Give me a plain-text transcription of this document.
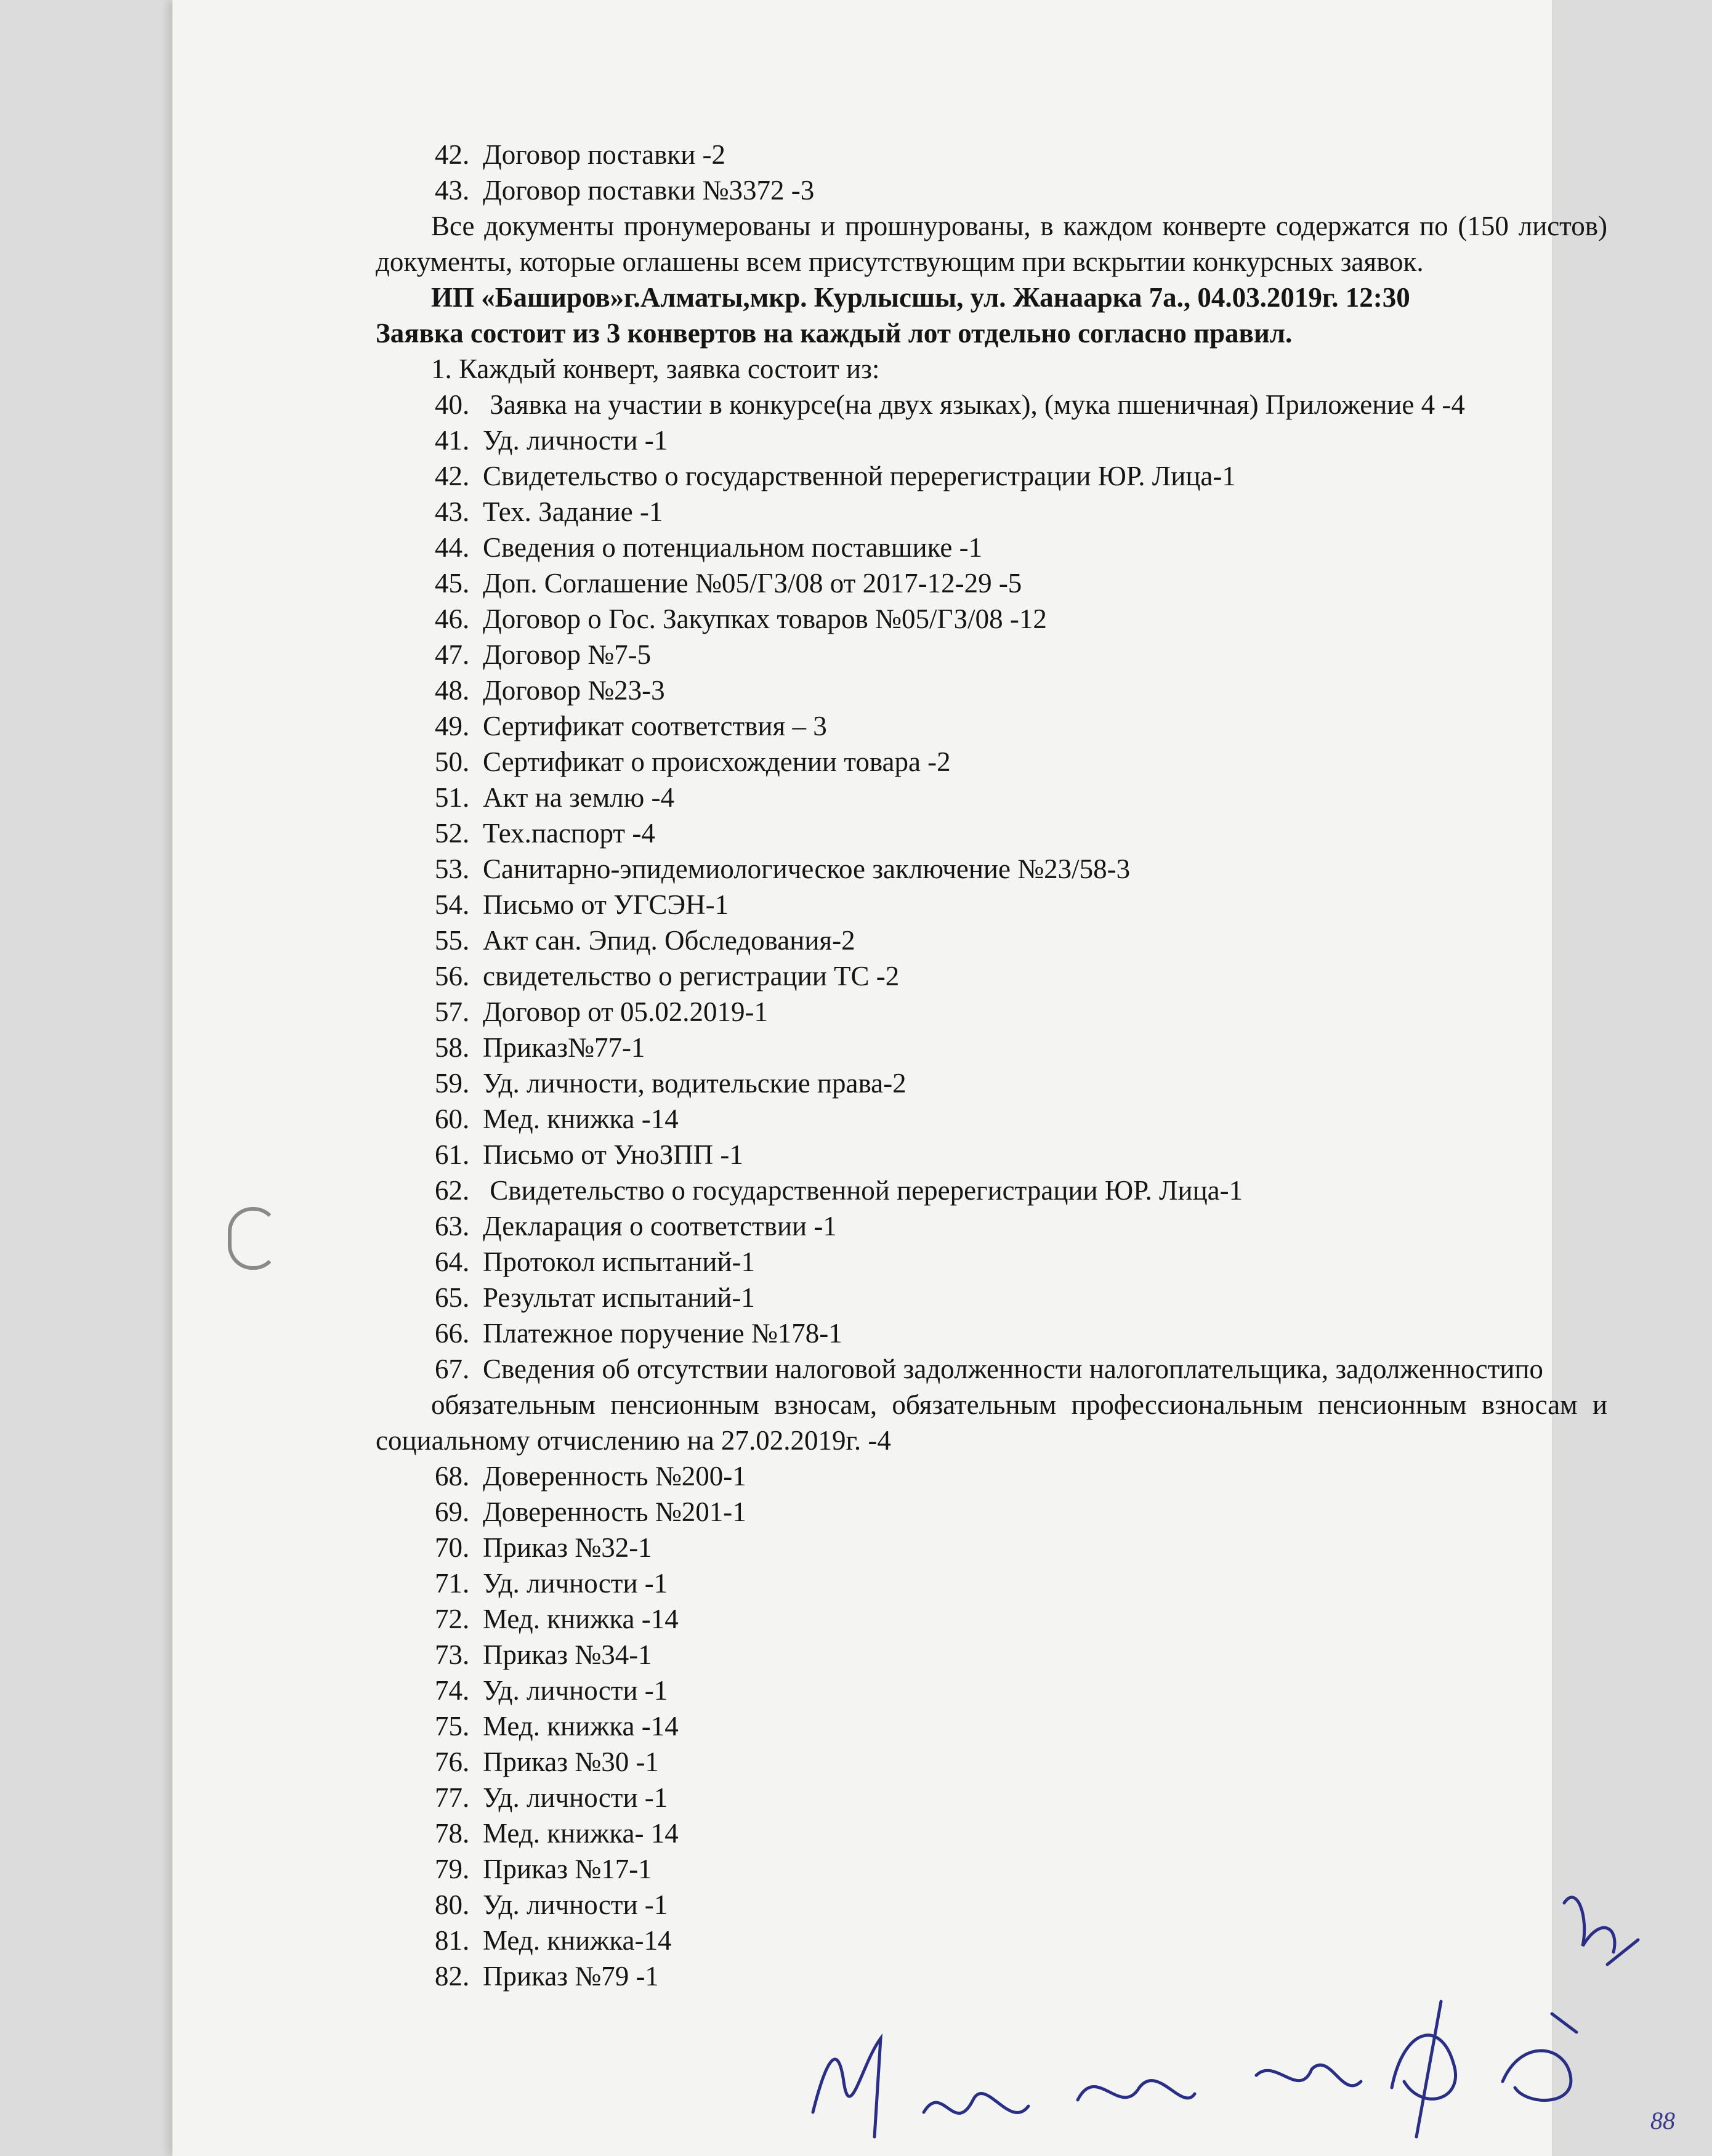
42. Договор поставки -2
43. Договор поставки №3372 -3

Все документы пронумерованы и прошнурованы, в каждом конверте содержатся по (150 листов) документы, которые оглашены всем присутствующим при вскрытии конкурсных заявок.

ИП «Баширов»г.Алматы,мкр. Курлысшы, ул. Жанаарка 7а., 04.03.2019г. 12:30

Заявка состоит из 3 конвертов на каждый лот отдельно согласно правил.

1. Каждый конверт, заявка состоит из:

40. Заявка на участии в конкурсе(на двух языках), (мука пшеничная) Приложение 4 -4
41. Уд. личности -1
42. Свидетельство о государственной перерегистрации ЮР. Лица-1
43. Тех. Задание -1
44. Сведения о потенциальном поставшике -1
45. Доп. Соглашение №05/ГЗ/08 от 2017-12-29 -5
46. Договор о Гос. Закупках товаров №05/ГЗ/08 -12
47. Договор №7-5
48. Договор №23-3
49. Сертификат соответствия – 3
50. Сертификат о происхождении товара -2
51. Акт на землю -4
52. Тех.паспорт -4
53. Санитарно-эпидемиологическое заключение №23/58-3
54. Письмо от УГСЭН-1
55. Акт сан. Эпид. Обследования-2
56. свидетельство о регистрации ТС -2
57. Договор от 05.02.2019-1
58. Приказ№77-1
59. Уд. личности, водительские права-2
60. Мед. книжка -14
61. Письмо от УноЗПП -1
62. Свидетельство о государственной перерегистрации ЮР. Лица-1
63. Декларация о соответствии -1
64. Протокол испытаний-1
65. Результат испытаний-1
66. Платежное поручение №178-1

67. Сведения об отсутствии налоговой задолженности налогоплательщика, задолженностипо

обязательным пенсионным взносам, обязательным профессиональным пенсионным взносам и социальному отчислению на 27.02.2019г. -4

68. Доверенность №200-1
69. Доверенность №201-1
70. Приказ №32-1
71. Уд. личности -1
72. Мед. книжка -14
73. Приказ №34-1
74. Уд. личности -1
75. Мед. книжка -14
76. Приказ №30 -1
77. Уд. личности -1
78. Мед. книжка- 14
79. Приказ №17-1
80. Уд. личности -1
81. Мед. книжка-14
82. Приказ №79 -1
88
